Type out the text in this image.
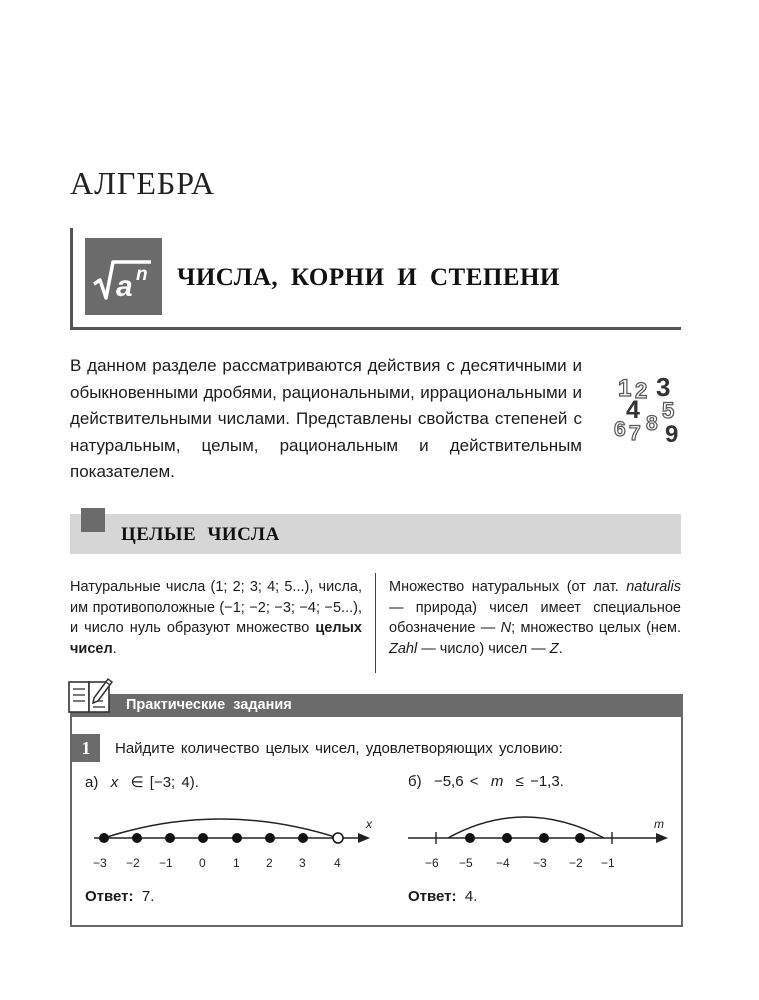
АЛГЕБРА
a n ЧИСЛА, КОРНИ И СТЕПЕНИ
В данном разделе рассматриваются действия с десятичными и обыкновенными дробями, рациональными, иррациональными и действительными числами. Представлены свойства степеней с натуральным, целым, рациональным и действительным показателем.
1 2 3
4 5
6 7 8 9
ЦЕЛЫЕ ЧИСЛА
Натуральные числа (1; 2; 3; 4; 5...), числа, им противоположные (−1; −2; −3; −4; −5...), и число нуль образуют множество целых чисел.
Множество натуральных (от лат. naturalis — природа) чисел имеет специальное обозначение — N; множество целых (нем. Zahl — число) чисел — Z.
Практические задания
1	Найдите количество целых чисел, удовлетворяющих условию:
а) x ∈ [−3; 4).	б) −5,6 < m ≤ −1,3.
x
−3 −2 −1 0 1 2 3 4
m
−6 −5 −4 −3 −2 −1
Ответ: 7.	Ответ: 4.
